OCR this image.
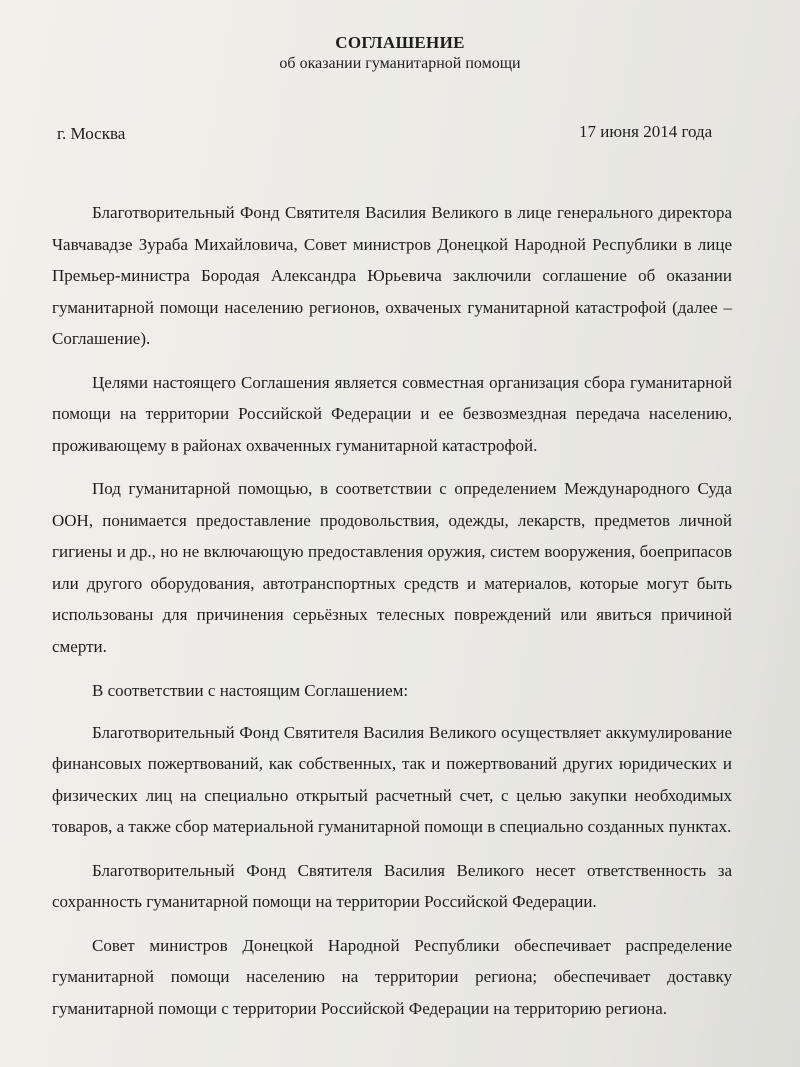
СОГЛАШЕНИЕ
об оказании гуманитарной помощи
г. Москва	17 июня 2014 года

Благотворительный Фонд Святителя Василия Великого в лице генерального директора Чавчавадзе Зураба Михайловича, Совет министров Донецкой Народной Республики в лице Премьер-министра Бородая Александра Юрьевича заключили соглашение об оказании гуманитарной помощи населению регионов, охваченых гуманитарной катастрофой (далее – Соглашение).

Целями настоящего Соглашения является совместная организация сбора гуманитарной помощи на территории Российской Федерации и ее безвозмездная передача населению, проживающему в районах охваченных гуманитарной катастрофой.

Под гуманитарной помощью, в соответствии с определением Международного Суда ООН, понимается предоставление продовольствия, одежды, лекарств, предметов личной гигиены и др., но не включающую предоставления оружия, систем вооружения, боеприпасов или другого оборудования, автотранспортных средств и материалов, которые могут быть использованы для причинения серьёзных телесных повреждений или явиться причиной смерти.

В соответствии с настоящим Соглашением:

Благотворительный Фонд Святителя Василия Великого осуществляет аккумулирование финансовых пожертвований, как собственных, так и пожертвований других юридических и физических лиц на специально открытый расчетный счет, с целью закупки необходимых товаров, а также сбор материальной гуманитарной помощи в специально созданных пунктах.

Благотворительный Фонд Святителя Василия Великого несет ответственность за сохранность гуманитарной помощи на территории Российской Федерации.

Совет министров Донецкой Народной Республики обеспечивает распределение гуманитарной помощи населению на территории региона; обеспечивает доставку гуманитарной помощи с территории Российской Федерации на территорию региона.
